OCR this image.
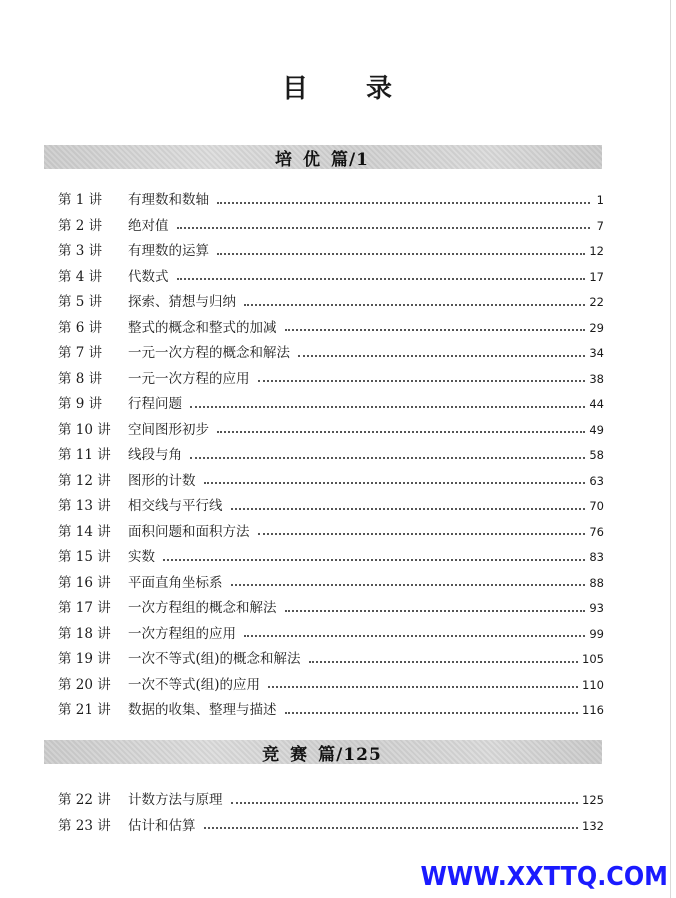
目 录
培 优 篇/1
第 1 讲	有理数和数轴	1
第 2 讲	绝对值	7
第 3 讲	有理数的运算	12
第 4 讲	代数式	17
第 5 讲	探索、猜想与归纳	22
第 6 讲	整式的概念和整式的加减	29
第 7 讲	一元一次方程的概念和解法	34
第 8 讲	一元一次方程的应用	38
第 9 讲	行程问题	44
第 10 讲	空间图形初步	49
第 11 讲	线段与角	58
第 12 讲	图形的计数	63
第 13 讲	相交线与平行线	70
第 14 讲	面积问题和面积方法	76
第 15 讲	实数	83
第 16 讲	平面直角坐标系	88
第 17 讲	一次方程组的概念和解法	93
第 18 讲	一次方程组的应用	99
第 19 讲	一次不等式(组)的概念和解法	105
第 20 讲	一次不等式(组)的应用	110
第 21 讲	数据的收集、整理与描述	116
竞 赛 篇/125
第 22 讲	计数方法与原理	125
第 23 讲	估计和估算	132
WWW.XXTTQ.COM
